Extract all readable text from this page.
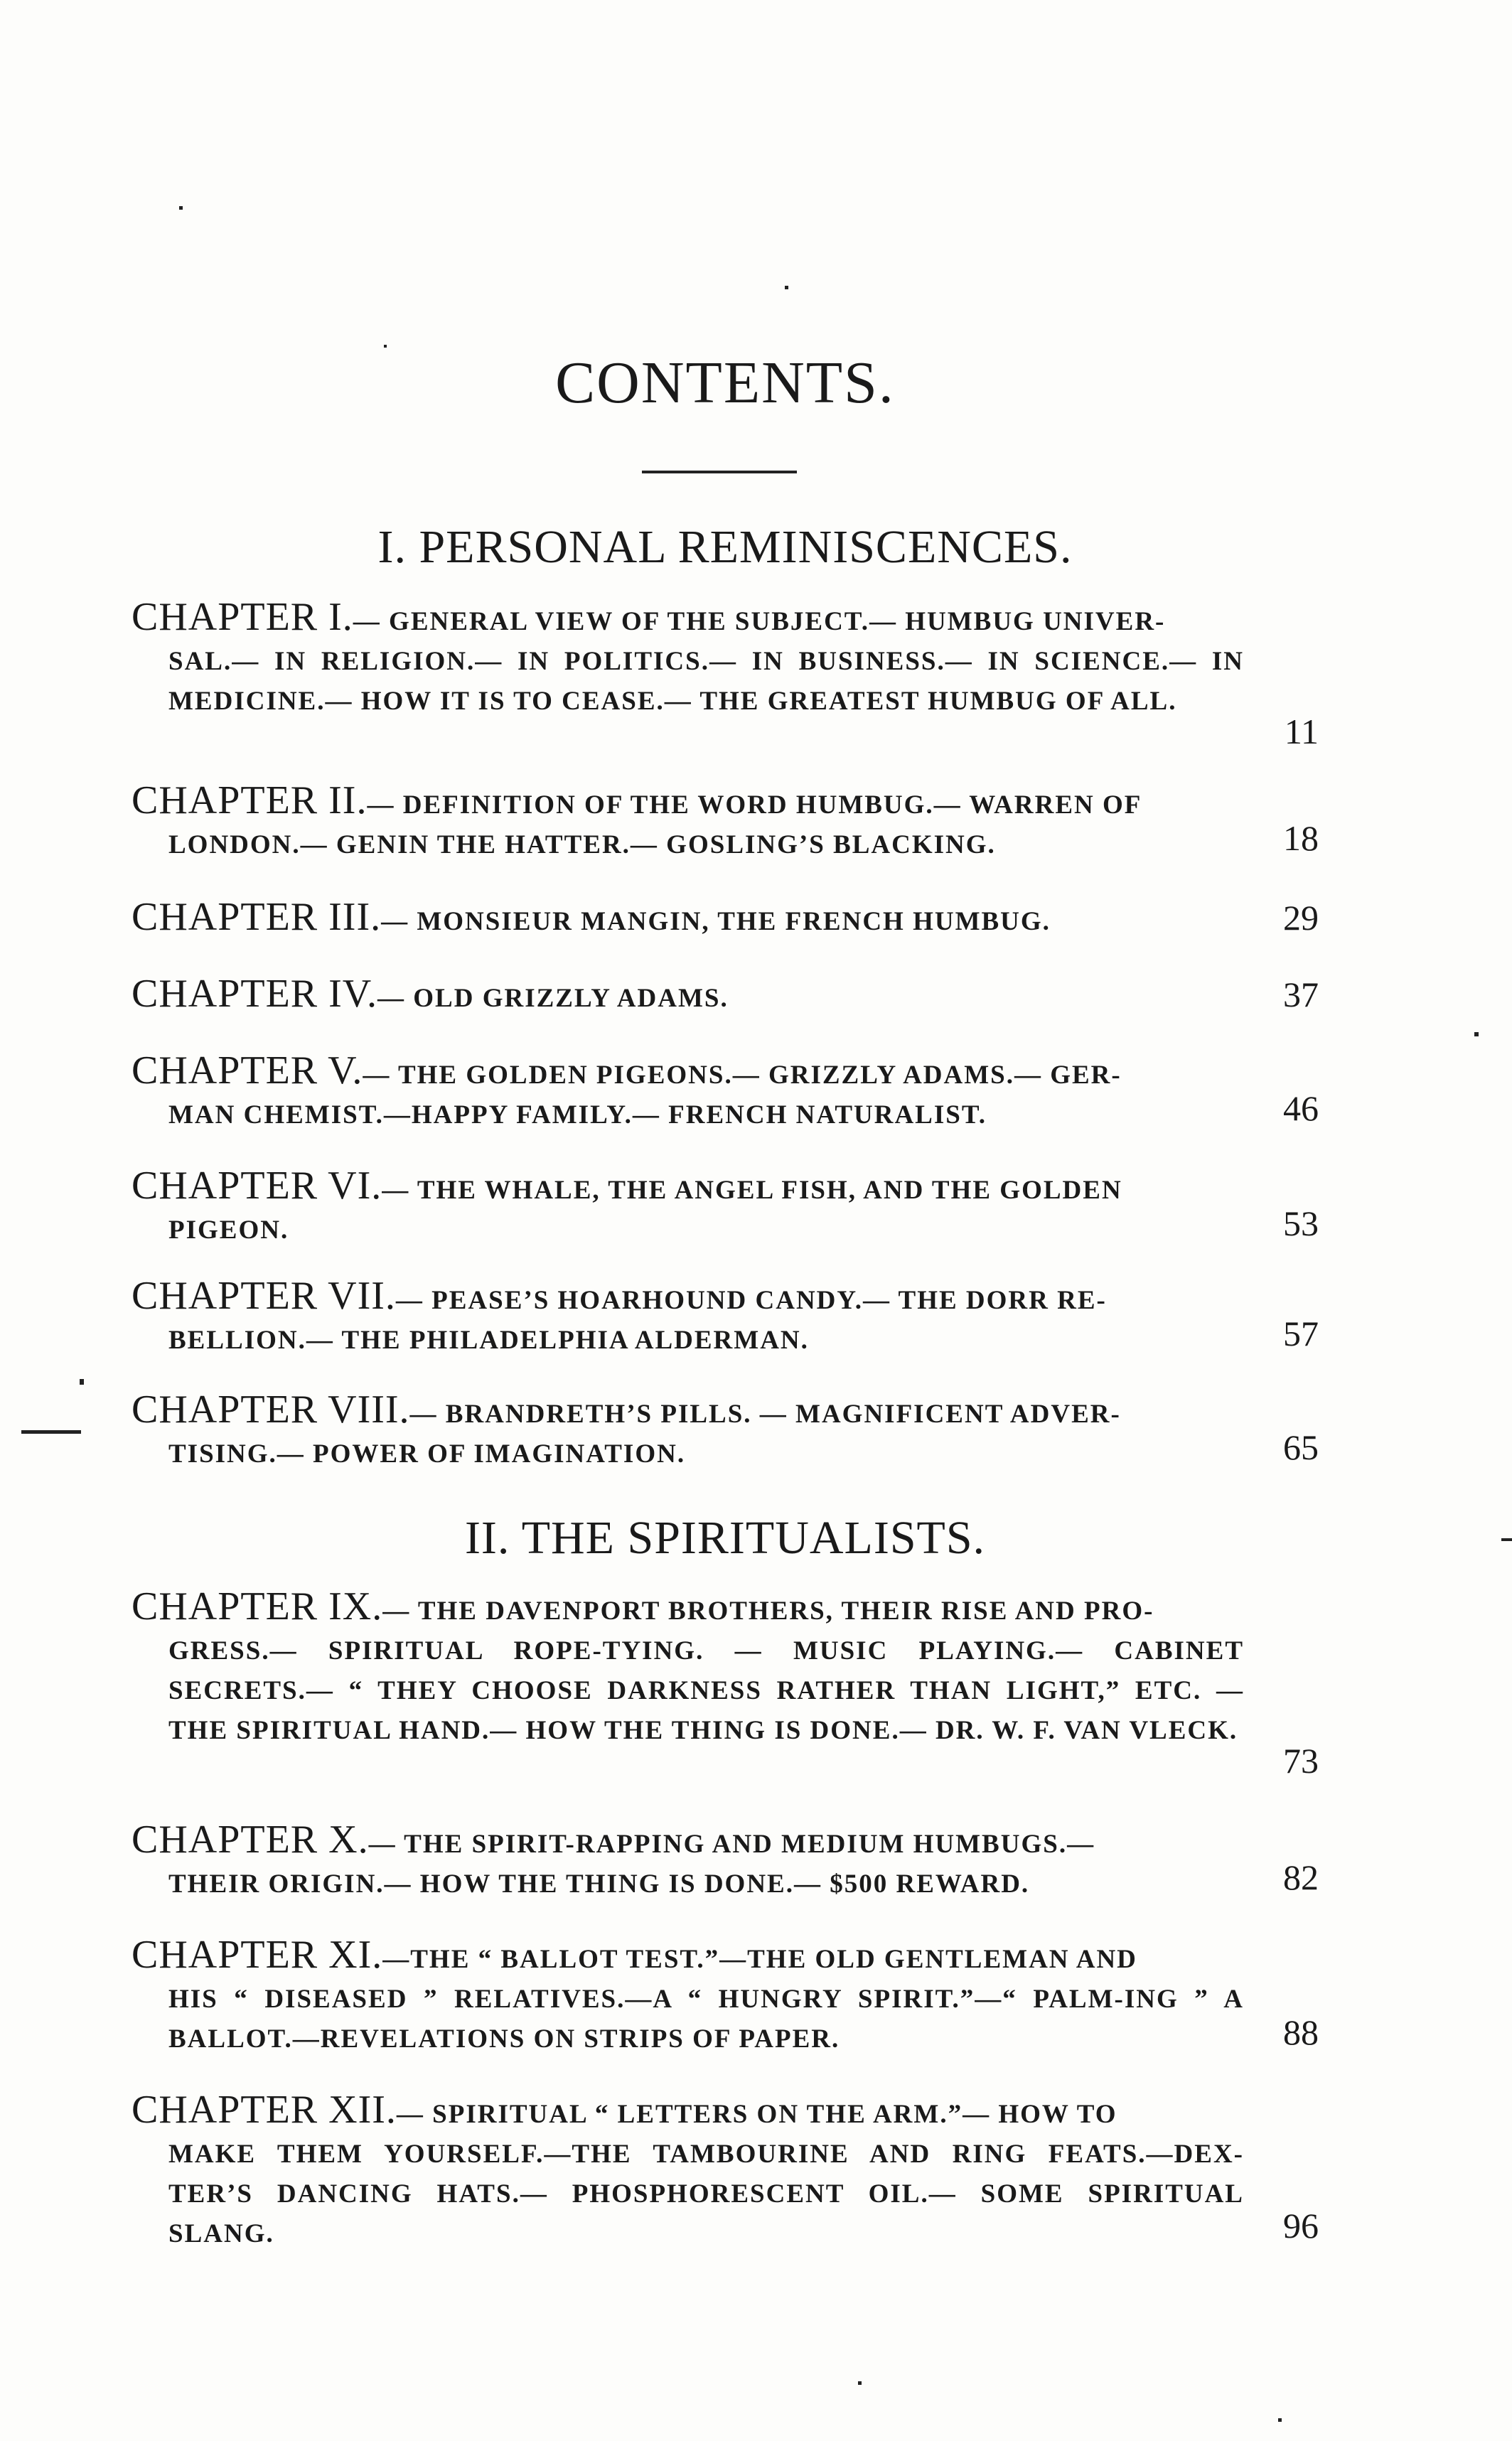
CONTENTS.
I. PERSONAL REMINISCENCES.
CHAPTER I.— GENERAL VIEW OF THE SUBJECT.— HUMBUG UNIVER-
SAL.— IN RELIGION.— IN POLITICS.— IN BUSINESS.— IN SCIENCE.— IN MEDICINE.— HOW IT IS TO CEASE.— THE GREATEST HUMBUG OF ALL.
11
CHAPTER II.— DEFINITION OF THE WORD HUMBUG.— WARREN OF
LONDON.— GENIN THE HATTER.— GOSLING’S BLACKING.	18
CHAPTER III.— MONSIEUR MANGIN, THE FRENCH HUMBUG.	29
CHAPTER IV.— OLD GRIZZLY ADAMS.	37
CHAPTER V.— THE GOLDEN PIGEONS.— GRIZZLY ADAMS.— GER-
MAN CHEMIST.—HAPPY FAMILY.— FRENCH NATURALIST.	46
CHAPTER VI.— THE WHALE, THE ANGEL FISH, AND THE GOLDEN
PIGEON.	53
CHAPTER VII.— PEASE’S HOARHOUND CANDY.— THE DORR RE-
BELLION.— THE PHILADELPHIA ALDERMAN.	57
CHAPTER VIII.— BRANDRETH’S PILLS. — MAGNIFICENT ADVER-
TISING.— POWER OF IMAGINATION.	65
II. THE SPIRITUALISTS.
CHAPTER IX.— THE DAVENPORT BROTHERS, THEIR RISE AND PRO-
GRESS.— SPIRITUAL ROPE-TYING. — MUSIC PLAYING.— CABINET SECRETS.— “ THEY CHOOSE DARKNESS RATHER THAN LIGHT,” ETC. — THE SPIRITUAL HAND.— HOW THE THING IS DONE.— DR. W. F. VAN VLECK.
73
CHAPTER X.— THE SPIRIT-RAPPING AND MEDIUM HUMBUGS.—
THEIR ORIGIN.— HOW THE THING IS DONE.— $500 REWARD.	82
CHAPTER XI.—THE “ BALLOT TEST.”—THE OLD GENTLEMAN AND
HIS “ DISEASED ” RELATIVES.—A “ HUNGRY SPIRIT.”—“ PALM-ING ” A BALLOT.—REVELATIONS ON STRIPS OF PAPER.	88
CHAPTER XII.— SPIRITUAL “ LETTERS ON THE ARM.”— HOW TO
MAKE THEM YOURSELF.—THE TAMBOURINE AND RING FEATS.—DEX-TER’S DANCING HATS.— PHOSPHORESCENT OIL.— SOME SPIRITUAL SLANG.	96
